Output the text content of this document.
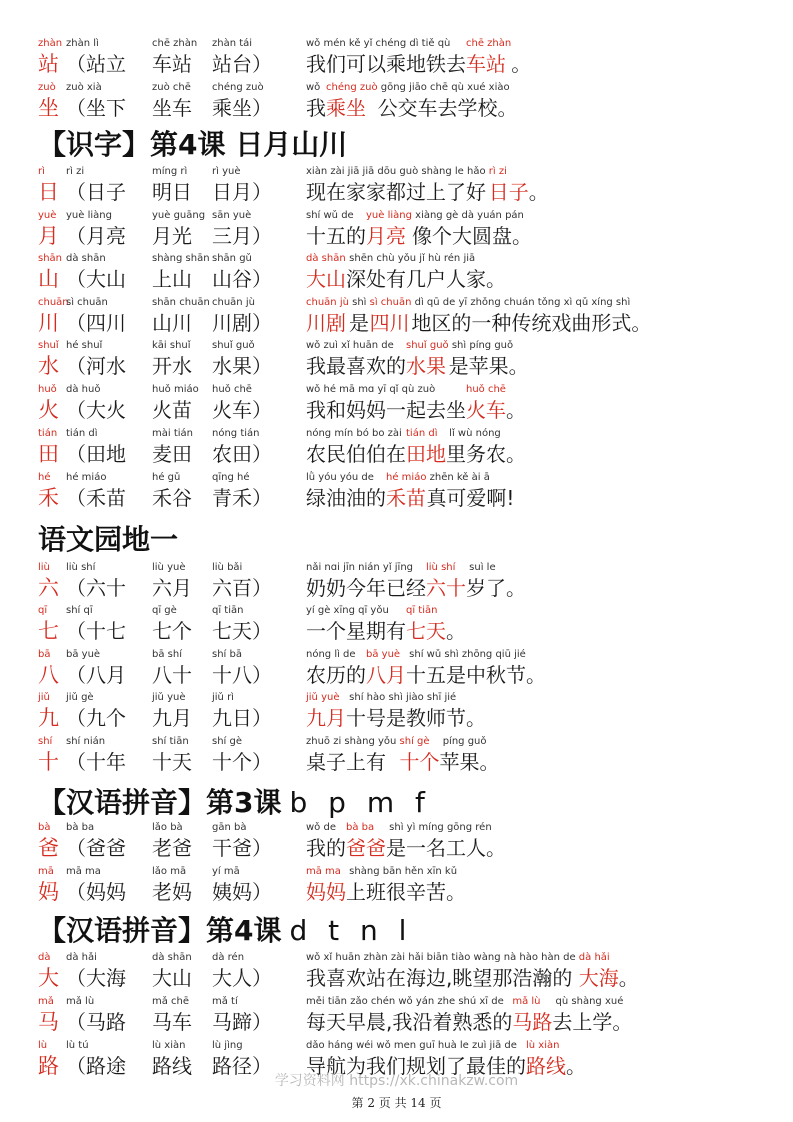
【识字】第4课 日月山川
语文园地一
【汉语拼音】第3课 b p m f
【汉语拼音】第4课 d t n l
zhàn
站
zhàn lì
（站立
chē zhàn
车站
zhàn tái
站台）
wǒ mén kě yǐ chéng dì tiě qù
我们可以乘地铁去
chē zhàn
车站 。
zuò
坐
zuò xià
（坐下
zuò chē
坐车
chéng zuò
乘坐）
wǒ
我
chéng zuò
乘坐
gōng jiāo chē qù xué xiào
公交车去学校。
rì
日
rì zi
（日子
míng rì
明日
rì yuè
日月）
xiàn zài jiā jiā dōu guò shàng le hǎo
现在家家都过上了好
rì zi
日子 。
yuè
月
yuè liàng
（月亮
yuè guāng
月光
sān yuè
三月）
shí wǔ de
十五的
yuè liàng
月亮
xiàng gè dà yuán pán
像个大圆盘。
shān
山
dà shān
（大山
shàng shān
上山
shān gǔ
山谷）
dà shān
大山
shēn chù yǒu jǐ hù rén jiā
深处有几户人家。
chuān
川
sì chuān
（四川
shān chuān
山川
chuān jù
川剧）
chuān jù
川剧
shì
是
sì chuān
四川
dì qū de yī zhǒng chuán tǒng xì qǔ xíng shì
地区的一种传统戏曲形式。
shuǐ
水
hé shuǐ
（河水
kāi shuǐ
开水
shuǐ guǒ
水果）
wǒ zuì xǐ huān de
我最喜欢的
shuǐ guǒ
水果
shì píng guǒ
是苹果。
huǒ
火
dà huǒ
（大火
huǒ miáo
火苗
huǒ chē
火车）
wǒ hé mā mɑ yī qǐ qù zuò
我和妈妈一起去坐
huǒ chē
火车 。
tián
田
tián dì
（田地
mài tián
麦田
nóng tián
农田）
nóng mín bó bo zài
农民伯伯在
tián dì
田地
lǐ wù nóng
里务农。
hé
禾
hé miáo
（禾苗
hé gǔ
禾谷
qīng hé
青禾）
lǜ yóu yóu de
绿油油的
hé miáo
禾苗
zhēn kě ài ā
真可爱啊!
liù
六
liù shí
（六十
liù yuè
六月
liù bǎi
六百）
nǎi nɑi jīn nián yǐ jīng
奶奶今年已经
liù shí
六十
suì le
岁了。
qī
七
shí qī
（十七
qī gè
七个
qī tiān
七天）
yí gè xīng qī yǒu
一个星期有
qī tiān
七天 。
bā
八
bā yuè
（八月
bā shí
八十
shí bā
十八）
nóng lì de
农历的
bā yuè
八月
shí wǔ shì zhōng qiū jié
十五是中秋节。
jiǔ
九
jiǔ gè
（九个
jiǔ yuè
九月
jiǔ rì
九日）
jiǔ yuè
九月
shí hào shì jiào shī jié
十号是教师节。
shí
十
shí nián
（十年
shí tiān
十天
shí gè
十个）
zhuō zi shàng yǒu
桌子上有
shí gè
十个
píng guǒ
苹果。
bà
爸
bà ba
（爸爸
lǎo bà
老爸
gān bà
干爸）
wǒ de
我的
bà ba
爸爸
shì yì míng gōng rén
是一名工人。
mā
妈
mā ma
（妈妈
lǎo mā
老妈
yí mā
姨妈）
mā ma
妈妈
shàng bān hěn xīn kǔ
上班很辛苦。
dà
大
dà hǎi
（大海
dà shān
大山
dà rén
大人）
wǒ xǐ huān zhàn zài hǎi biān tiào wàng nà hào hàn de
我喜欢站在海边,眺望那浩瀚的
dà hǎi
大海 。
mǎ
马
mǎ lù
（马路
mǎ chē
马车
mǎ tí
马蹄）
měi tiān zǎo chén wǒ yán zhe shú xī de
每天早晨,我沿着熟悉的
mǎ lù
马路
qù shàng xué
去上学。
lù
路
lù tú
（路途
lù xiàn
路线
lù jìng
路径）
dǎo háng wéi wǒ men guī huà le zuì jiā de
导航为我们规划了最佳的
lù xiàn
路线 。
学习资料网 https://xk.chinakzw.com
第 2 页 共 14 页
